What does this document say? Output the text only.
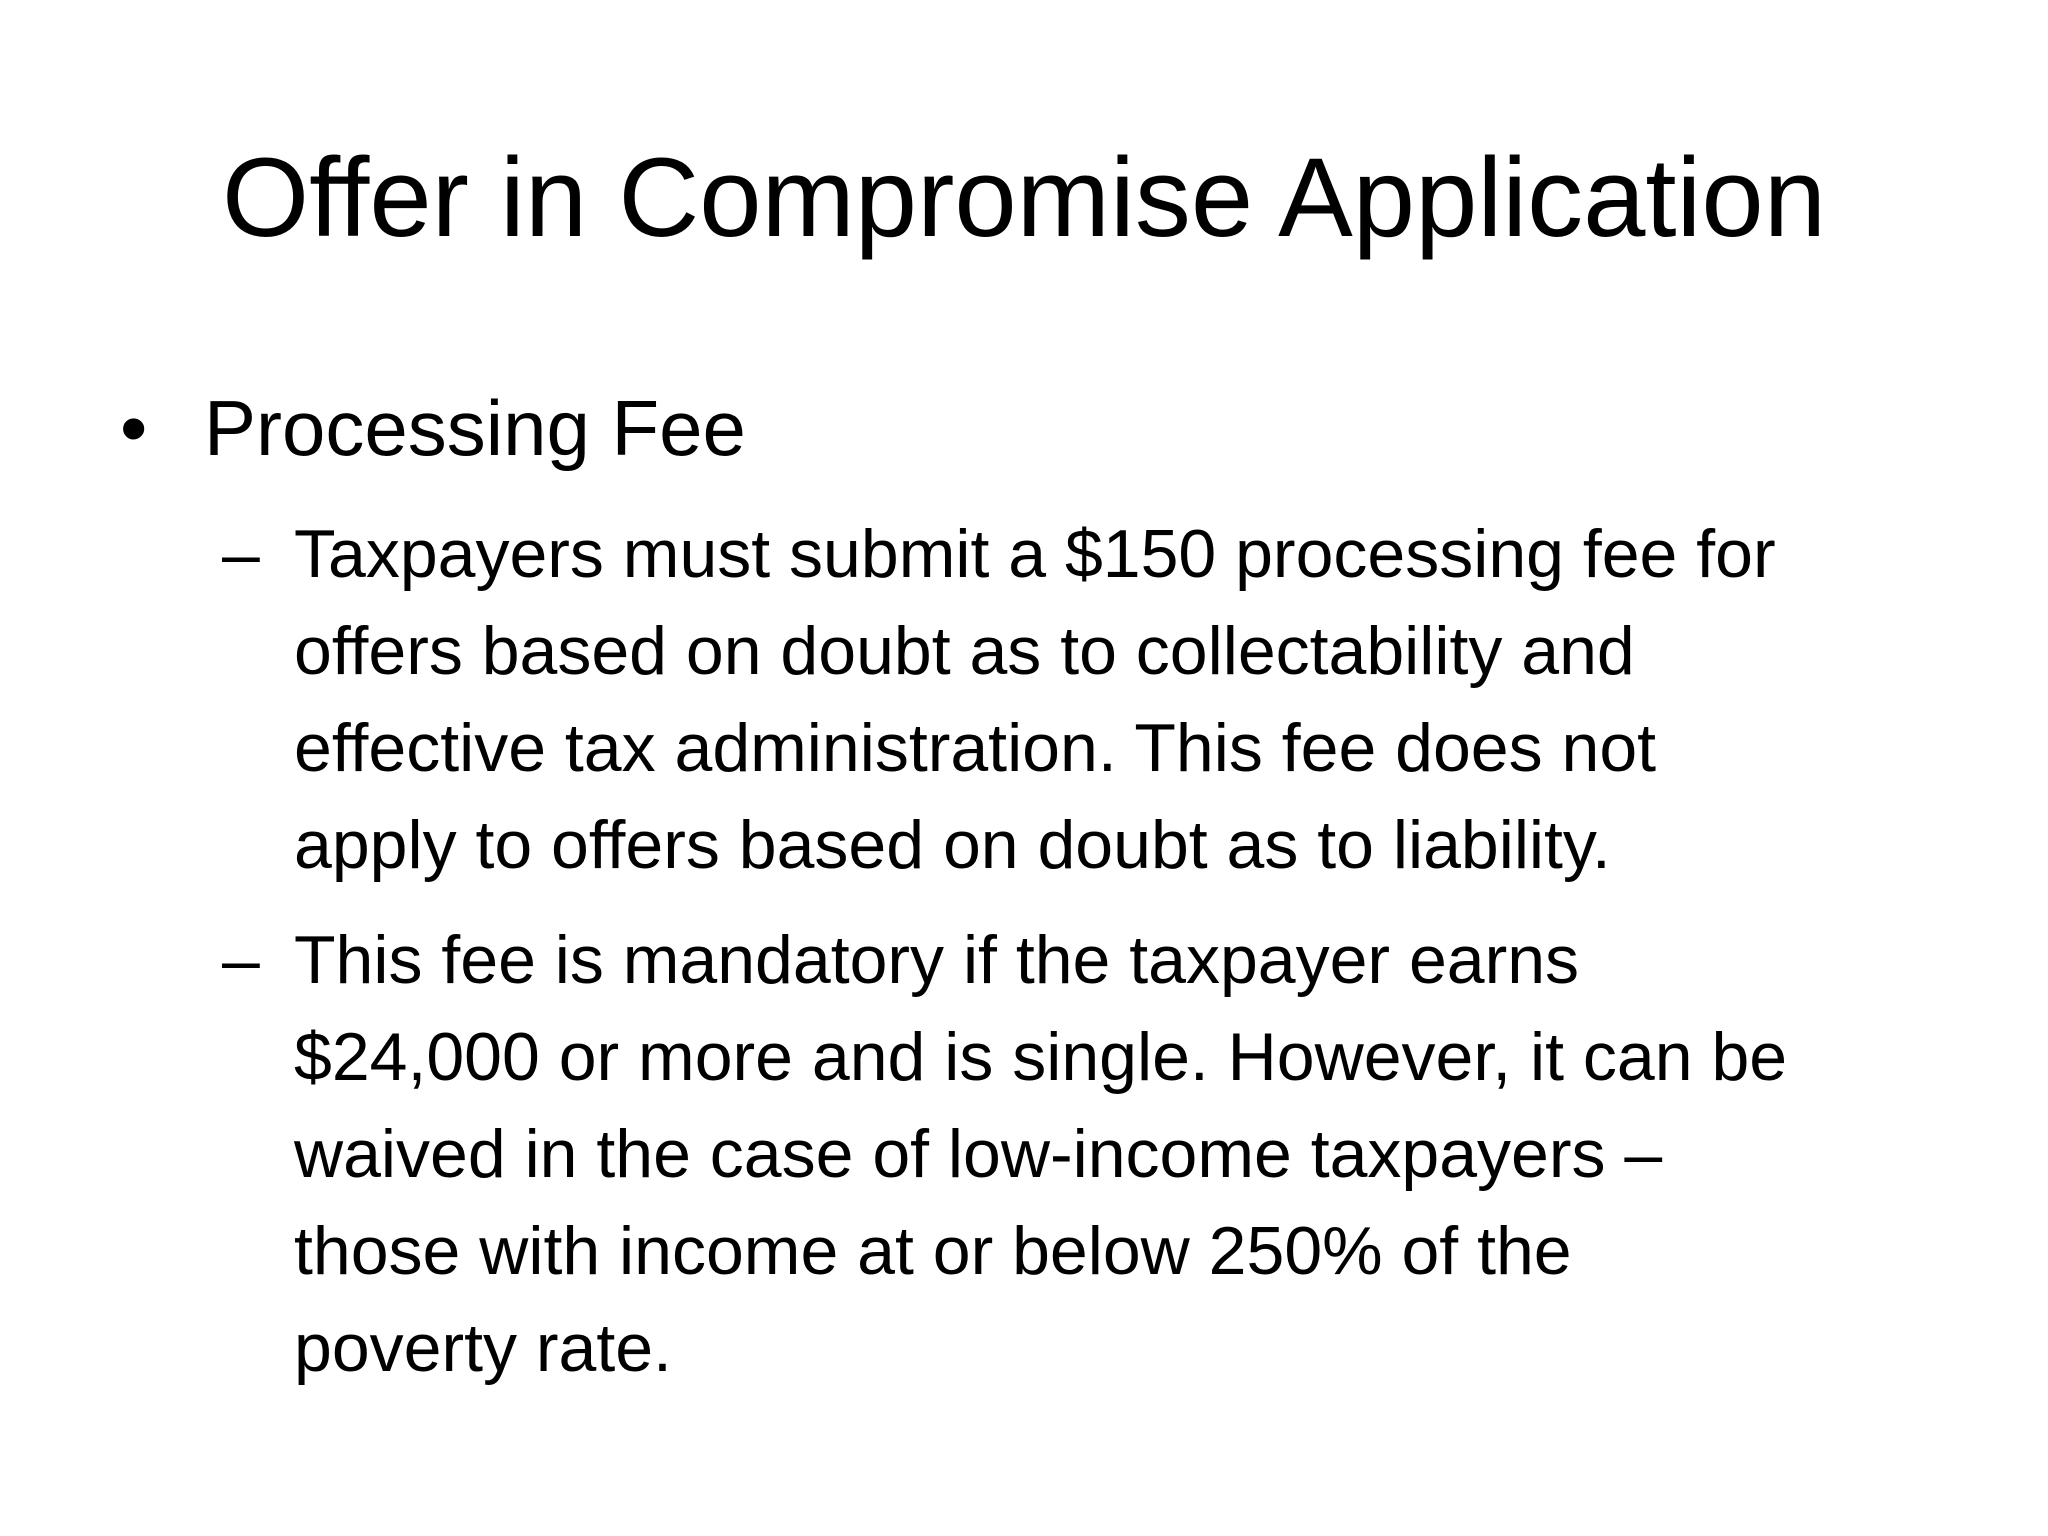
Offer in Compromise Application
• Processing Fee
– Taxpayers must submit a $150 processing fee for
offers based on doubt as to collectability and
effective tax administration. This fee does not
apply to offers based on doubt as to liability.
– This fee is mandatory if the taxpayer earns
$24,000 or more and is single. However, it can be
waived in the case of low-income taxpayers –
those with income at or below 250% of the
poverty rate.
